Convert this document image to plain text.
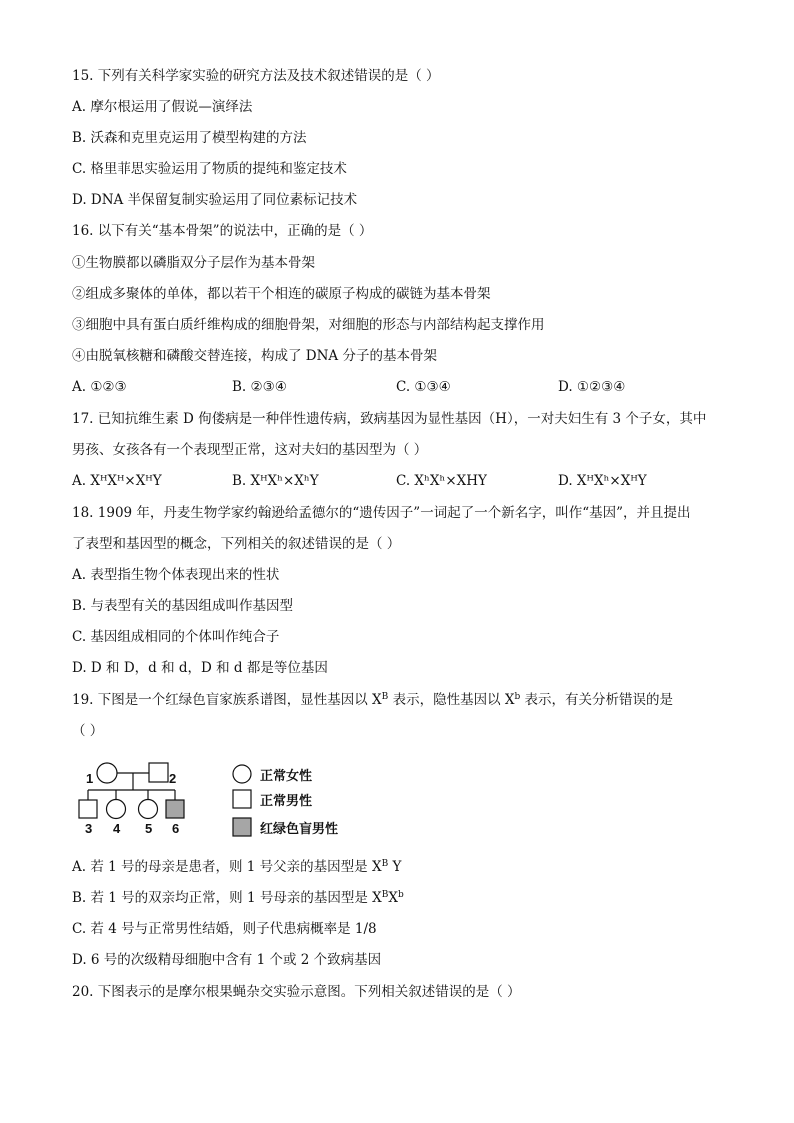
15. 下列有关科学家实验的研究方法及技术叙述错误的是（ ）
A. 摩尔根运用了假说—演绎法
B. 沃森和克里克运用了模型构建的方法
C. 格里菲思实验运用了物质的提纯和鉴定技术
D. DNA 半保留复制实验运用了同位素标记技术
16. 以下有关“基本骨架”的说法中，正确的是（ ）
①生物膜都以磷脂双分子层作为基本骨架
②组成多聚体的单体，都以若干个相连的碳原子构成的碳链为基本骨架
③细胞中具有蛋白质纤维构成的细胞骨架，对细胞的形态与内部结构起支撑作用
④由脱氧核糖和磷酸交替连接，构成了 DNA 分子的基本骨架
A. ①②③	B. ②③④	C. ①③④	D. ①②③④
17. 已知抗维生素 D 佝偻病是一种伴性遗传病，致病基因为显性基因（H），一对夫妇生有 3 个子女，其中
男孩、女孩各有一个表现型正常，这对夫妇的基因型为（ ）
A. XᴴXᴴ×XᴴY	B. XᴴXʰ×XʰY	C. XʰXʰ×XHY	D. XᴴXʰ×XᴴY
18. 1909 年，丹麦生物学家约翰逊给孟德尔的“遗传因子”一词起了一个新名字，叫作“基因”，并且提出
了表型和基因型的概念，下列相关的叙述错误的是（ ）
A. 表型指生物个体表现出来的性状
B. 与表型有关的基因组成叫作基因型
C. 基因组成相同的个体叫作纯合子
D. D 和 D，d 和 d，D 和 d 都是等位基因
19. 下图是一个红绿色盲家族系谱图，显性基因以 $X^B$ 表示，隐性基因以 $X^b$ 表示，有关分析错误的是
（ ）
1	2
3 4 5 6
正常女性
正常男性
红绿色盲男性
A. 若 1 号的母亲是患者，则 1 号父亲的基因型是 $X^B$ Y
B. 若 1 号的双亲均正常，则 1 号母亲的基因型是 $X^BX^b$
C. 若 4 号与正常男性结婚，则子代患病概率是 1/8
D. 6 号的次级精母细胞中含有 1 个或 2 个致病基因
20. 下图表示的是摩尔根果蝇杂交实验示意图。下列相关叙述错误的是（ ）
